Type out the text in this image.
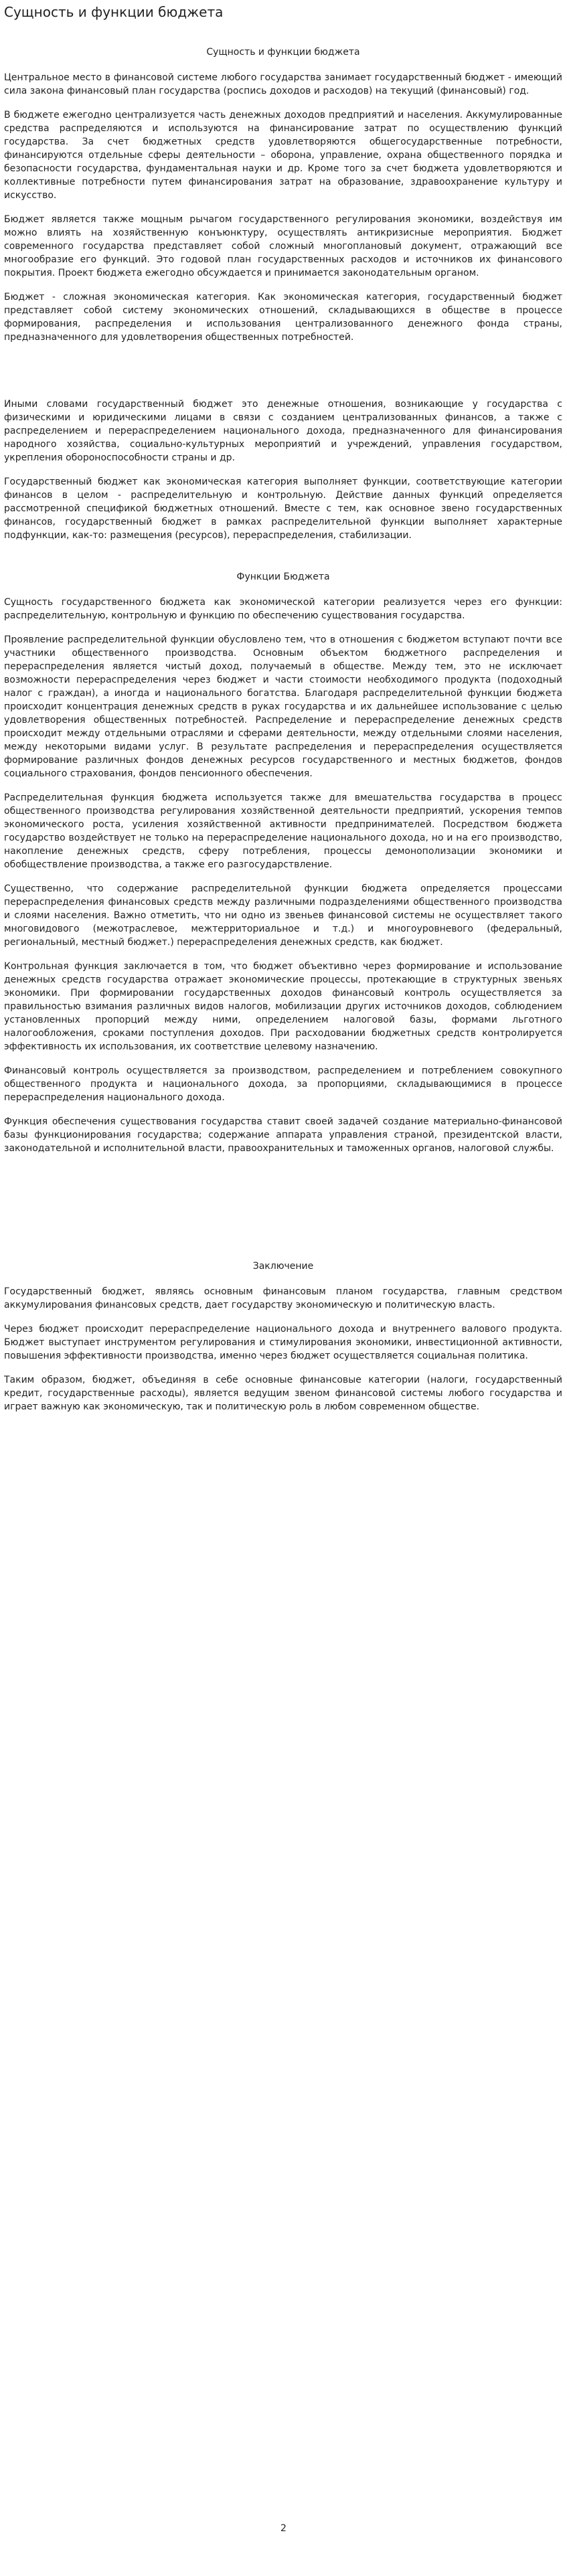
Сущность и функции бюджета
Сущность и функции бюджета

Центральное место в финансовой системе любого государства занимает государственный бюджет - имеющий сила закона финансовый план государства (роспись доходов и расходов) на текущий (финансовый) год.

В бюджете ежегодно централизуется часть денежных доходов предприятий и населения. Аккумулированные средства распределяются и используются на финансирование затрат по осуществлению функций государства. За счет бюджетных средств удовлетворяются общегосударственные потребности, финансируются отдельные сферы деятельности – оборона, управление, охрана общественного порядка и безопасности государства, фундаментальная науки и др. Кроме того за счет бюджета удовлетворяются и коллективные потребности путем финансирования затрат на образование, здравоохранение культуру и искусство.

Бюджет является также мощным рычагом государственного регулирования экономики, воздействуя им можно влиять на хозяйственную конъюнктуру, осуществлять антикризисные мероприятия. Бюджет современного государства представляет собой сложный многоплановый документ, отражающий все многообразие его функций. Это годовой план государственных расходов и источников их финансового покрытия. Проект бюджета ежегодно обсуждается и принимается законодательным органом.

Бюджет - сложная экономическая категория. Как экономическая категория, государственный бюджет представляет собой систему экономических отношений, складывающихся в обществе в процессе формирования, распределения и использования централизованного денежного фонда страны, предназначенного для удовлетворения общественных потребностей.

Иными словами государственный бюджет это денежные отношения, возникающие у государства с физическими и юридическими лицами в связи с созданием централизованных финансов, а также с распределением и перераспределением национального дохода, предназначенного для финансирования народного хозяйства, социально-культурных мероприятий и учреждений, управления государством, укрепления обороноспособности страны и др.

Государственный бюджет как экономическая категория выполняет функции, соответствующие категории финансов в целом - распределительную и контрольную. Действие данных функций определяется рассмотренной спецификой бюджетных отношений. Вместе с тем, как основное звено государственных финансов, государственный бюджет в рамках распределительной функции выполняет характерные подфункции, как-то: размещения (ресурсов), перераспределения, стабилизации.

Функции Бюджета

Сущность государственного бюджета как экономической категории реализуется через его функции: распределительную, контрольную и функцию по обеспечению существования государства.

Проявление распределительной функции обусловлено тем, что в отношения с бюджетом вступают почти все участники общественного производства. Основным объектом бюджетного распределения и перераспределения является чистый доход, получаемый в обществе. Между тем, это не исключает возможности перераспределения через бюджет и части стоимости необходимого продукта (подоходный налог с граждан), а иногда и национального богатства. Благодаря распределительной функции бюджета происходит концентрация денежных средств в руках государства и их дальнейшее использование с целью удовлетворения общественных потребностей. Распределение и перераспределение денежных средств происходит между отдельными отраслями и сферами деятельности, между отдельными слоями населения, между некоторыми видами услуг. В результате распределения и перераспределения осуществляется формирование различных фондов денежных ресурсов государственного и местных бюджетов, фондов социального страхования, фондов пенсионного обеспечения.

Распределительная функция бюджета используется также для вмешательства государства в процесс общественного производства регулирования хозяйственной деятельности предприятий, ускорения темпов экономического роста, усиления хозяйственной активности предпринимателей. Посредством бюджета государство воздействует не только на перераспределение национального дохода, но и на его производство, накопление денежных средств, сферу потребления, процессы демонополизации экономики и обобществление производства, а также его разгосударствление.

Существенно, что содержание распределительной функции бюджета определяется процессами перераспределения финансовых средств между различными подразделениями общественного производства и слоями населения. Важно отметить, что ни одно из звеньев финансовой системы не осуществляет такого многовидового (межотраслевое, межтерриториальное и т.д.) и многоуровневого (федеральный, региональный, местный бюджет.) перераспределения денежных средств, как бюджет.

Контрольная функция заключается в том, что бюджет объективно через формирование и использование денежных средств государства отражает экономические процессы, протекающие в структурных звеньях экономики. При формировании государственных доходов финансовый контроль осуществляется за правильностью взимания различных видов налогов, мобилизации других источников доходов, соблюдением установленных пропорций между ними, определением налоговой базы, формами льготного налогообложения, сроками поступления доходов. При расходовании бюджетных средств контролируется эффективность их использования, их соответствие целевому назначению.

Финансовый контроль осуществляется за производством, распределением и потреблением совокупного общественного продукта и национального дохода, за пропорциями, складывающимися в процессе перераспределения национального дохода.

Функция обеспечения существования государства ставит своей задачей создание материально-финансовой базы функционирования государства; содержание аппарата управления страной, президентской власти, законодательной и исполнительной власти, правоохранительных и таможенных органов, налоговой службы.

Заключение

Государственный бюджет, являясь основным финансовым планом государства, главным средством аккумулирования финансовых средств, дает государству экономическую и политическую власть.

Через бюджет происходит перераспределение национального дохода и внутреннего валового продукта. Бюджет выступает инструментом регулирования и стимулирования экономики, инвестиционной активности, повышения эффективности производства, именно через бюджет осуществляется социальная политика.

Таким образом, бюджет, объединяя в себе основные финансовые категории (налоги, государственный кредит, государственные расходы), является ведущим звеном финансовой системы любого государства и играет важную как экономическую, так и политическую роль в любом современном обществе.

2
